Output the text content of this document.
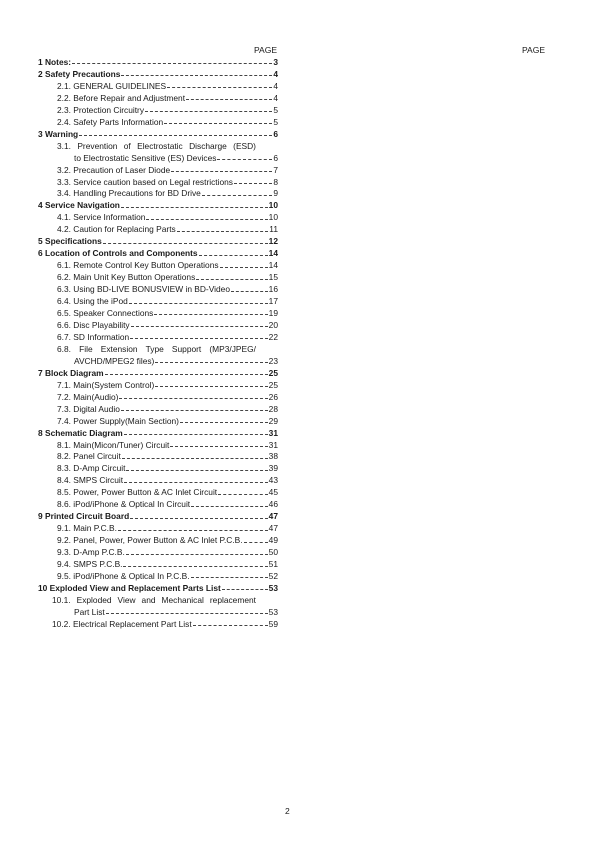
PAGE	PAGE
1 Notes:	3
2 Safety Precautions	4
2.1. GENERAL GUIDELINES	4
2.2. Before Repair and Adjustment	4
2.3. Protection Circuitry	5
2.4. Safety Parts Information	5
3 Warning	6
3.1. Prevention of Electrostatic Discharge (ESD)
to Electrostatic Sensitive (ES) Devices	6
3.2. Precaution of Laser Diode	7
3.3. Service caution based on Legal restrictions	8
3.4. Handling Precautions for BD Drive	9
4 Service Navigation	10
4.1. Service Information	10
4.2. Caution for Replacing Parts	11
5 Specifications	12
6 Location of Controls and Components	14
6.1. Remote Control Key Button Operations	14
6.2. Main Unit Key Button Operations	15
6.3. Using BD-LIVE BONUSVIEW in BD-Video	16
6.4. Using the iPod	17
6.5. Speaker Connections	19
6.6. Disc Playability	20
6.7. SD Information	22
6.8. File Extension Type Support (MP3/JPEG/
AVCHD/MPEG2 files)	23
7 Block Diagram	25
7.1. Main(System Control)	25
7.2. Main(Audio)	26
7.3. Digital Audio	28
7.4. Power Supply(Main Section)	29
8 Schematic Diagram	31
8.1. Main(Micon/Tuner) Circuit	31
8.2. Panel Circuit	38
8.3. D-Amp Circuit	39
8.4. SMPS Circuit	43
8.5. Power, Power Button & AC Inlet Circuit	45
8.6. iPod/iPhone & Optical In Circuit	46
9 Printed Circuit Board	47
9.1. Main P.C.B.	47
9.2. Panel, Power, Power Button & AC Inlet P.C.B.	49
9.3. D-Amp P.C.B.	50
9.4. SMPS P.C.B.	51
9.5. iPod/iPhone & Optical In P.C.B.	52
10 Exploded View and Replacement Parts List	53
10.1. Exploded View and Mechanical replacement
Part List	53
10.2. Electrical Replacement Part List	59
2
